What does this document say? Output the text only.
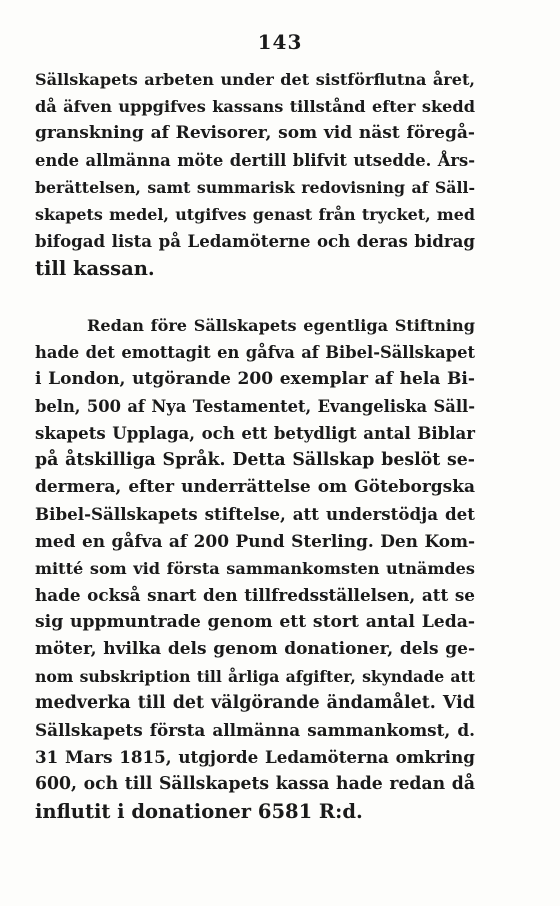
143
Sällskapets arbeten under det sistförflutna året,
då äfven uppgifves kassans tillstånd efter skedd
granskning af Revisorer, som vid näst föregå-
ende allmänna möte dertill blifvit utsedde. Års-
berättelsen, samt summarisk redovisning af Säll-
skapets medel, utgifves genast från trycket, med
bifogad lista på Ledamöterne och deras bidrag
till kassan.
Redan före Sällskapets egentliga Stiftning
hade det emottagit en gåfva af Bibel-Sällskapet
i London, utgörande 200 exemplar af hela Bi-
beln, 500 af Nya Testamentet, Evangeliska Säll-
skapets Upplaga, och ett betydligt antal Biblar
på åtskilliga Språk. Detta Sällskap beslöt se-
dermera, efter underrättelse om Göteborgska
Bibel-Sällskapets stiftelse, att understödja det
med en gåfva af 200 Pund Sterling. Den Kom-
mitté som vid första sammankomsten utnämdes
hade också snart den tillfredsställelsen, att se
sig uppmuntrade genom ett stort antal Leda-
möter, hvilka dels genom donationer, dels ge-
nom subskription till årliga afgifter, skyndade att
medverka till det välgörande ändamålet. Vid
Sällskapets första allmänna sammankomst, d.
31 Mars 1815, utgjorde Ledamöterna omkring
600, och till Sällskapets kassa hade redan då
influtit i donationer 6581 R:d.
